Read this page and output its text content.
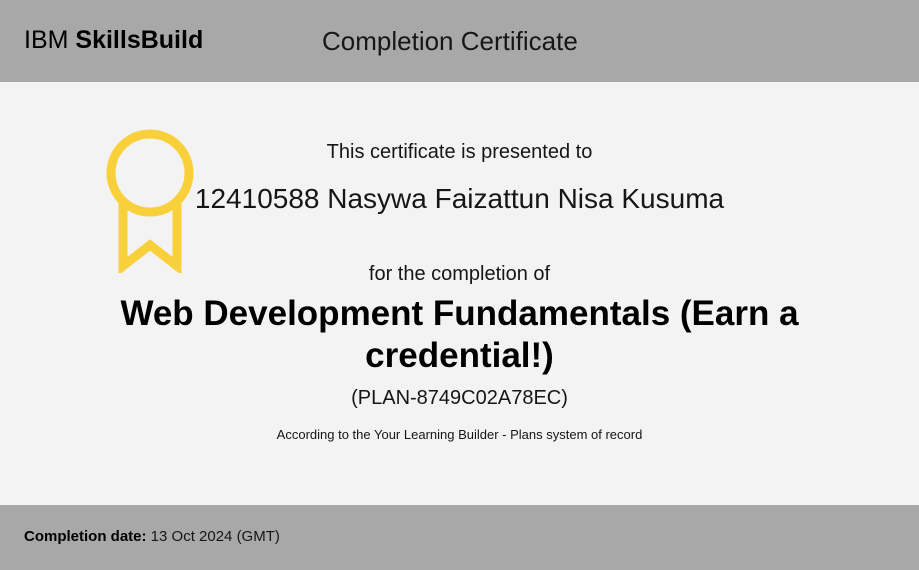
IBM SkillsBuild	Completion Certificate
This certificate is presented to
12410588 Nasywa Faizattun Nisa Kusuma
for the completion of
Web Development Fundamentals (Earn a credential!)
(PLAN-8749C02A78EC)
According to the Your Learning Builder - Plans system of record
Completion date: 13 Oct 2024 (GMT)
